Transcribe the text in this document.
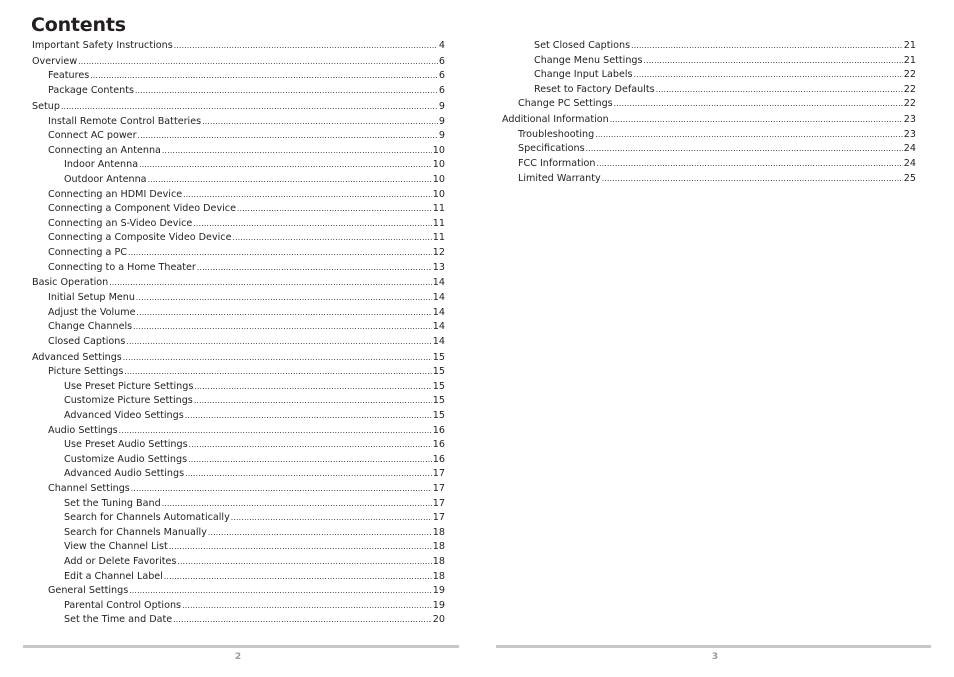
Contents
Important Safety Instructions .....	4
Overview .....	6
Features .....	6
Package Contents .....	6
Setup .....	9
Install Remote Control Batteries .....	9
Connect AC power .....	9
Connecting an Antenna .....	10
Indoor Antenna .....	10
Outdoor Antenna .....	10
Connecting an HDMI Device .....	10
Connecting a Component Video Device .....	11
Connecting an S-Video Device .....	11
Connecting a Composite Video Device .....	11
Connecting a PC .....	12
Connecting to a Home Theater .....	13
Basic Operation .....	14
Initial Setup Menu .....	14
Adjust the Volume .....	14
Change Channels .....	14
Closed Captions .....	14
Advanced Settings .....	15
Picture Settings .....	15
Use Preset Picture Settings .....	15
Customize Picture Settings .....	15
Advanced Video Settings .....	15
Audio Settings .....	16
Use Preset Audio Settings .....	16
Customize Audio Settings .....	16
Advanced Audio Settings .....	17
Channel Settings .....	17
Set the Tuning Band .....	17
Search for Channels Automatically .....	17
Search for Channels Manually .....	18
View the Channel List .....	18
Add or Delete Favorites .....	18
Edit a Channel Label .....	18
General Settings .....	19
Parental Control Options .....	19
Set the Time and Date .....	20
Set Closed Captions .....	21
Change Menu Settings .....	21
Change Input Labels .....	22
Reset to Factory Defaults .....	22
Change PC Settings .....	22
Additional Information .....	23
Troubleshooting .....	23
Specifications .....	24
FCC Information .....	24
Limited Warranty .....	25
2	3
